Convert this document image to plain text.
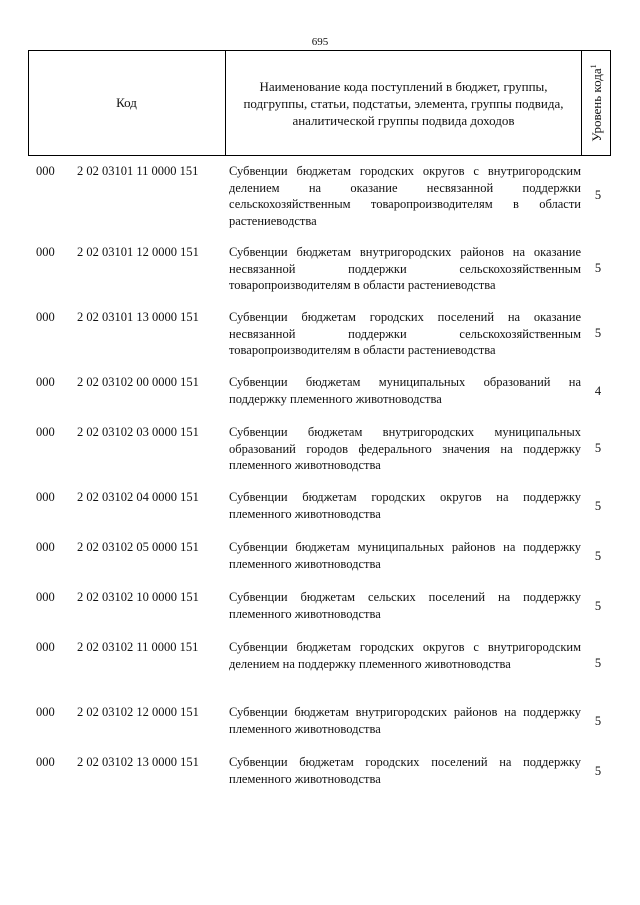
695
Код
Наименование кода поступлений в бюджет, группы, подгруппы, статьи, подстатьи, элемента, группы подвида, аналитической группы подвида доходов	Уровень кода$^1$
000 2 02 03101 11 0000 151 Субвенции бюджетам городских округов с внутригородским делением на оказание несвязанной поддержки сельскохозяйственным товаропроизводителям в области растениеводства
5
000 2 02 03101 12 0000 151 Субвенции бюджетам внутригородских районов на оказание несвязанной поддержки сельскохозяйственным товаропроизводителям в области растениеводства
5
000 2 02 03101 13 0000 151 Субвенции бюджетам городских поселений на оказание несвязанной поддержки сельскохозяйственным товаропроизводителям в области растениеводства
5
000 2 02 03102 00 0000 151 Субвенции бюджетам муниципальных образований на поддержку племенного животноводства
4
000 2 02 03102 03 0000 151 Субвенции бюджетам внутригородских муниципальных образований городов федерального значения на поддержку племенного животноводства
5
000 2 02 03102 04 0000 151 Субвенции бюджетам городских округов на поддержку племенного животноводства
5
000 2 02 03102 05 0000 151 Субвенции бюджетам муниципальных районов на поддержку племенного животноводства
5
000 2 02 03102 10 0000 151 Субвенции бюджетам сельских поселений на поддержку племенного животноводства
5
000 2 02 03102 11 0000 151 Субвенции бюджетам городских округов с внутригородским делением на поддержку племенного животноводства	5
000 2 02 03102 12 0000 151 Субвенции бюджетам внутригородских районов на поддержку племенного животноводства
5
000 2 02 03102 13 0000 151 Субвенции бюджетам городских поселений на поддержку племенного животноводства
5
